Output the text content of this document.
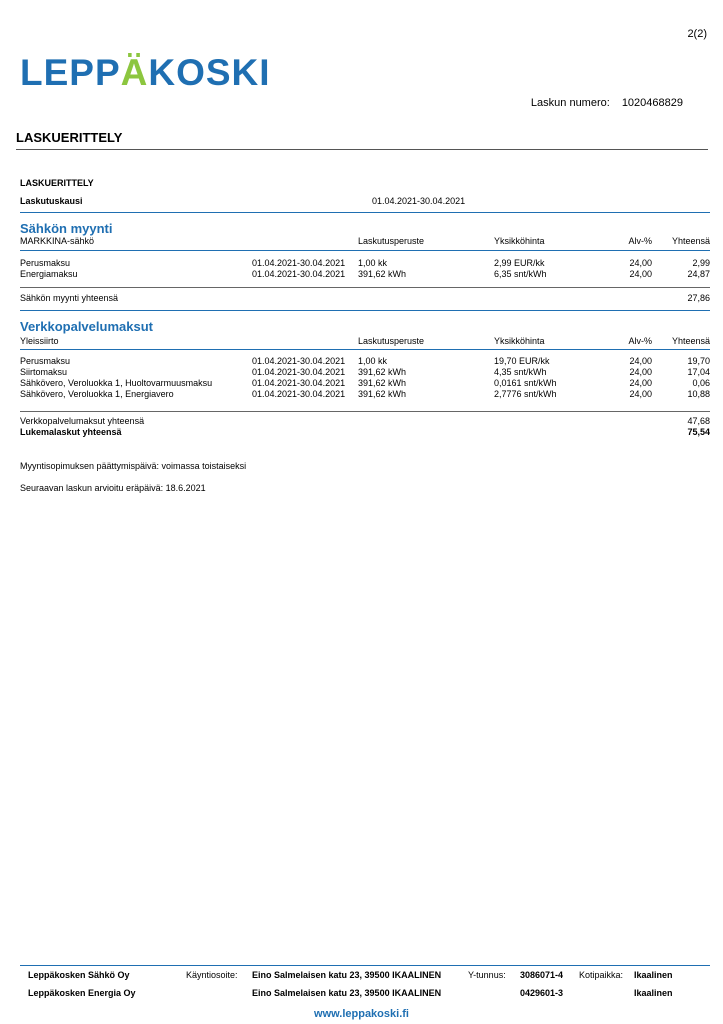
2(2)
LEPPÄKOSKI
Laskun numero: 1020468829
LASKUERITTELY
LASKUERITTELY
Laskutuskausi	01.04.2021-30.04.2021
Sähkön myynti
MARKKINA-sähkö
			Laskutusperuste	Yksikköhinta	Alv-%	Yhteensä
Perusmaksu	01.04.2021-30.04.2021	1,00 kk	2,99 EUR/kk	24,00	2,99
Energiamaksu	01.04.2021-30.04.2021	391,62 kWh	6,35 snt/kWh	24,00	24,87
Sähkön myynti yhteensä	27,86
Verkkopalvelumaksut
Yleissiirto
			Laskutusperuste	Yksikköhinta	Alv-%	Yhteensä
Perusmaksu	01.04.2021-30.04.2021	1,00 kk	19,70 EUR/kk	24,00	19,70
Siirtomaksu	01.04.2021-30.04.2021	391,62 kWh	4,35 snt/kWh	24,00	17,04
Sähkövero, Veroluokka 1, Huoltovarmuusmaksu	01.04.2021-30.04.2021	391,62 kWh	0,0161 snt/kWh	24,00	0,06
Sähkövero, Veroluokka 1, Energiavero	01.04.2021-30.04.2021	391,62 kWh	2,7776 snt/kWh	24,00	10,88
Verkkopalvelumaksut yhteensä	47,68
Lukemalaskut yhteensä	75,54
Myyntisopimuksen päättymispäivä: voimassa toistaiseksi
Seuraavan laskun arvioitu eräpäivä: 18.6.2021
Leppäkosken Sähkö Oy	Käyntiosoite: Eino Salmelaisen katu 23, 39500 IKAALINEN	Y-tunnus: 3086071-4 Kotipaikka: Ikaalinen
Leppäkosken Energia Oy	Eino Salmelaisen katu 23, 39500 IKAALINEN	0429601-3	Ikaalinen
www.leppakoski.fi
